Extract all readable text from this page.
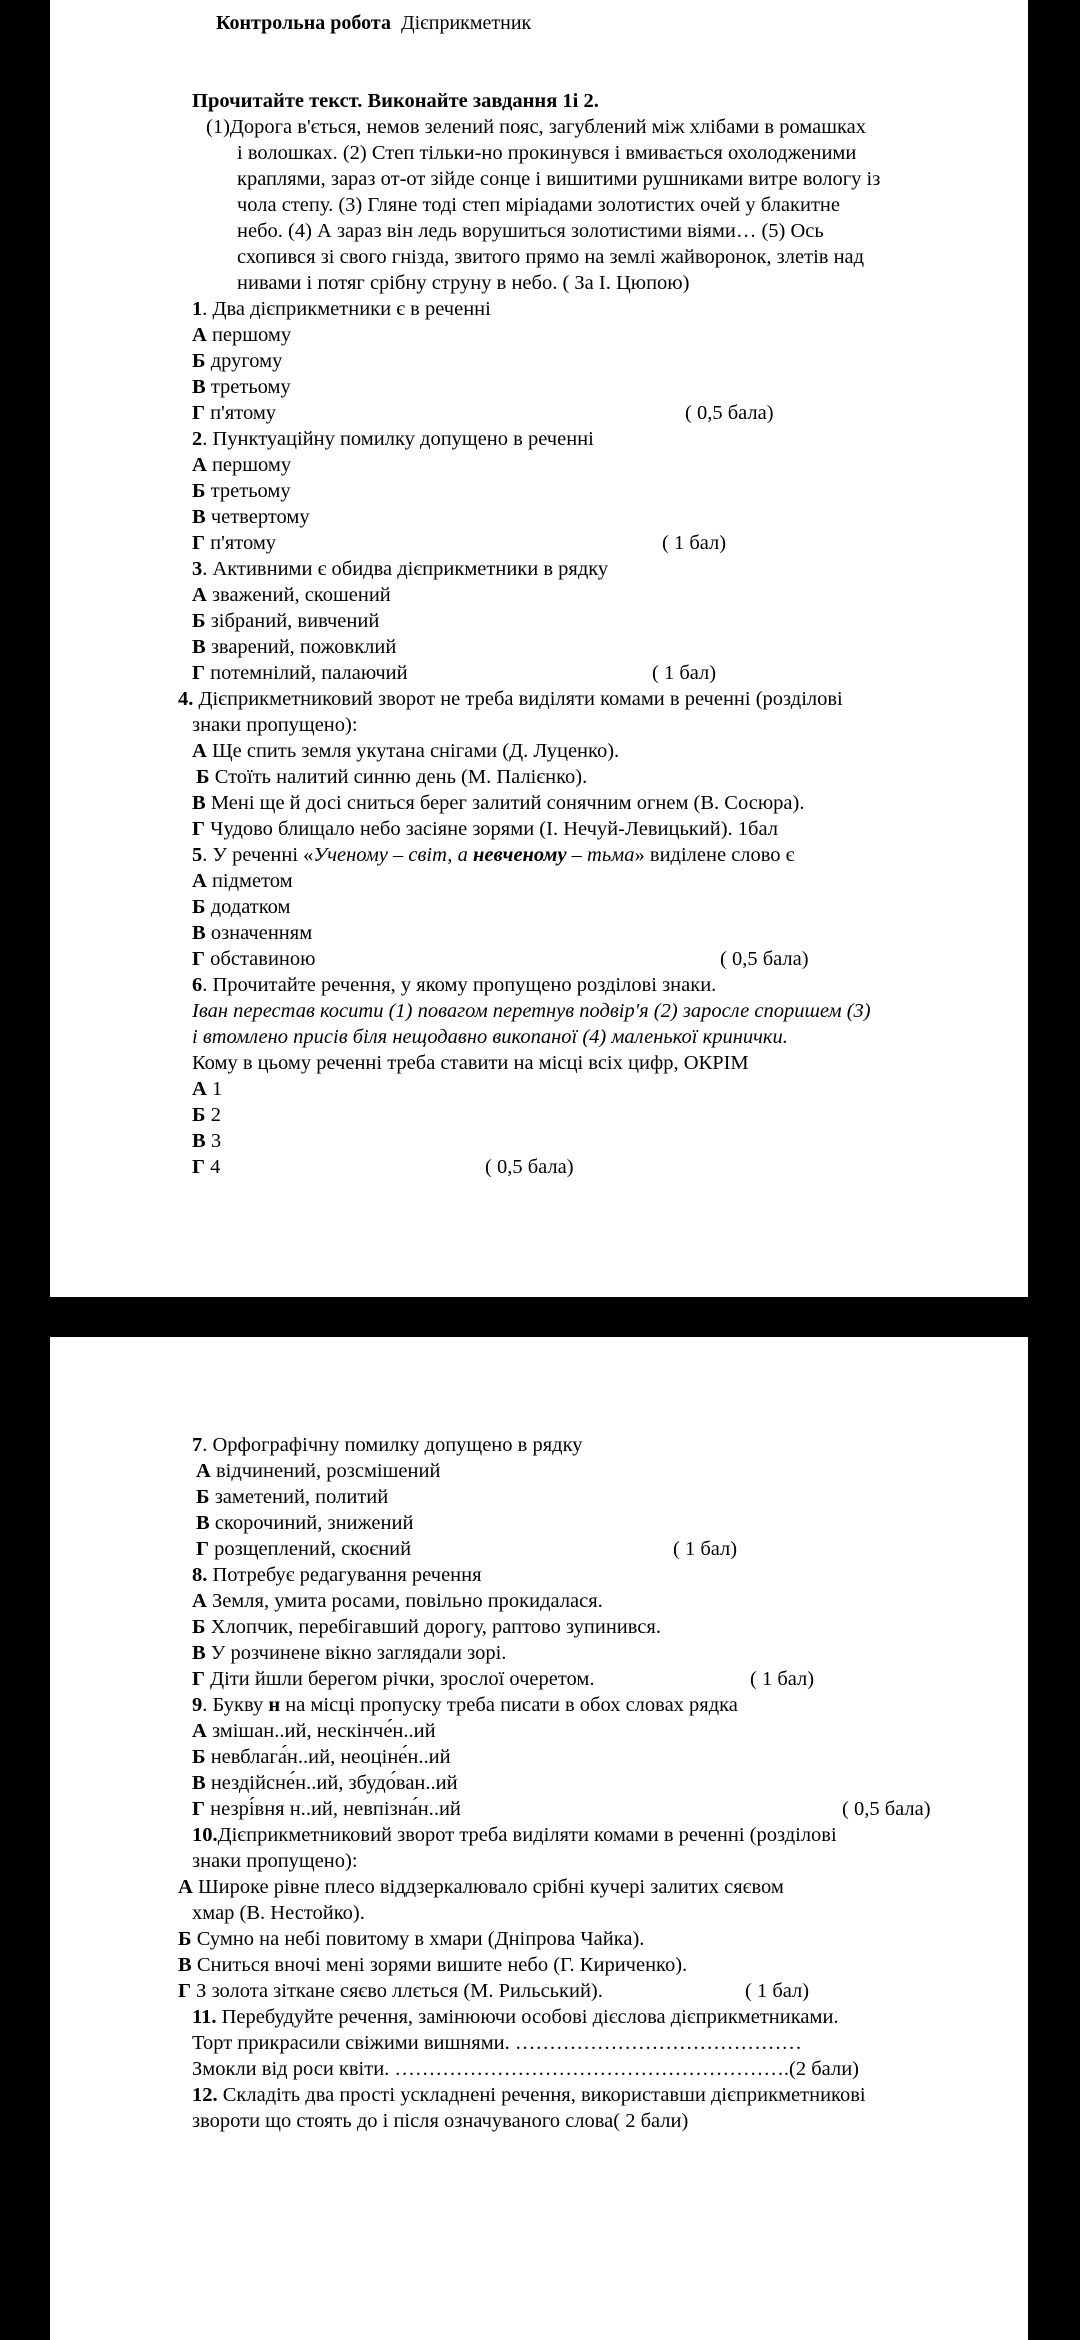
Контрольна робота Дієприкметник
Прочитайте текст. Виконайте завдання 1і 2.
(1)Дорога в'ється, немов зелений пояс, загублений між хлібами в ромашках
і волошках. (2) Степ тільки-но прокинувся і вмивається охолодженими
краплями, зараз от-от зійде сонце і вишитими рушниками витре вологу із
чола степу. (3) Гляне тоді степ міріадами золотистих очей у блакитне
небо. (4) А зараз він ледь ворушиться золотистими віями… (5) Ось
схопився зі свого гнізда, звитого прямо на землі жайворонок, злетів над
нивами і потяг срібну струну в небо. ( За І. Цюпою)
1. Два дієприкметники є в реченні
А першому
Б другому
В третьому
Г п'ятому	( 0,5 бала)
2. Пунктуаційну помилку допущено в реченні
А першому
Б третьому
В четвертому
Г п'ятому	( 1 бал)
3. Активними є обидва дієприкметники в рядку
А зважений, скошений
Б зібраний, вивчений
В зварений, пожовклий
Г потемнілий, палаючий	( 1 бал)
4. Дієприкметниковий зворот не треба виділяти комами в реченні (розділові
знаки пропущено):
А Ще спить земля укутана снігами (Д. Луценко).
Б Стоїть налитий синню день (М. Палієнко).
В Мені ще й досі сниться берег залитий сонячним огнем (В. Сосюра).
Г Чудово блищало небо засіяне зорями (І. Нечуй-Левицький). 1бал
5. У реченні «Ученому – світ, а невченому – тьма» виділене слово є
А підметом
Б додатком
В означенням
Г обставиною	( 0,5 бала)
6. Прочитайте речення, у якому пропущено розділові знаки.
Іван перестав косити (1) повагом перетнув подвір'я (2) заросле споришем (3)
і втомлено присів біля нещодавно викопаної (4) маленької кринички.
Кому в цьому реченні треба ставити на місці всіх цифр, ОКРІМ
А 1
Б 2
В 3
Г 4	( 0,5 бала)
7. Орфографічну помилку допущено в рядку
А відчинений, розсмішений
Б заметений, политий
В скорочиний, знижений
Г розщеплений, скоєний	( 1 бал)
8. Потребує редагування речення
А Земля, умита росами, повільно прокидалася.
Б Хлопчик, перебігавший дорогу, раптово зупинився.
В У розчинене вікно заглядали зорі.
Г Діти йшли берегом річки, зрослої очеретом.	( 1 бал)
9. Букву н на місці пропуску треба писати в обох словах рядка
А змішан..ий, нескінче́н..ий
Б невблага́н..ий, неоціне́н..ий
В нездійсне́н..ий, збудо́ван..ий
Г незрі́вня н..ий, невпізна́н..ий	( 0,5 бала)
10.Дієприкметниковий зворот треба виділяти комами в реченні (розділові
знаки пропущено):
А Широке рівне плесо віддзеркалювало срібні кучері залитих сяєвом
хмар (В. Нестойко).
Б Сумно на небі повитому в хмари (Дніпрова Чайка).
В Сниться вночі мені зорями вишите небо (Г. Кириченко).
Г З золота зіткане сяєво ллється (М. Рильський).	( 1 бал)
11. Перебудуйте речення, замінюючи особові дієслова дієприкметниками.
Торт прикрасили свіжими вишнями. ……………………………………
Змокли від роси квіти. ………………………………………………….(2 бали)
12. Складіть два прості ускладнені речення, використавши дієприкметникові
звороти що стоять до і після означуваного слова( 2 бали)
